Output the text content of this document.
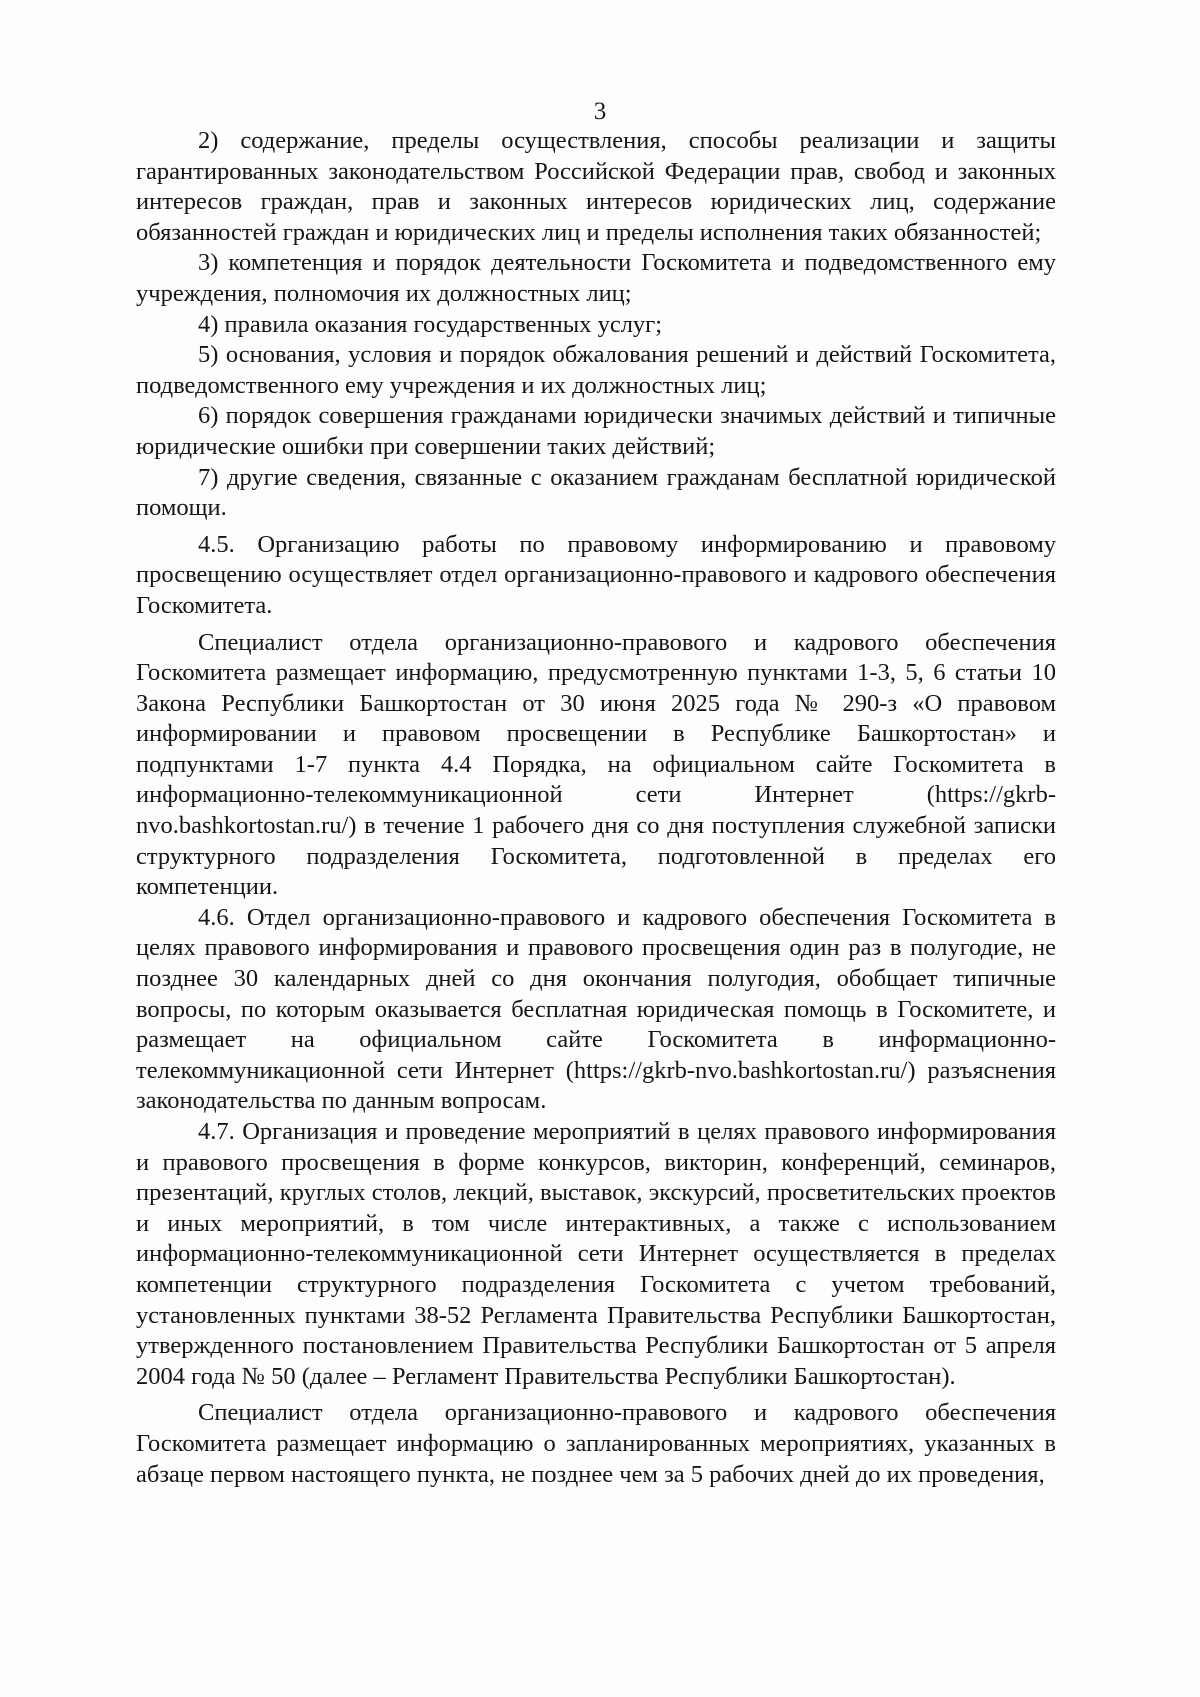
3

2) содержание, пределы осуществления, способы реализации и защиты гарантированных законодательством Российской Федерации прав, свобод и законных интересов граждан, прав и законных интересов юридических лиц, содержание обязанностей граждан и юридических лиц и пределы исполнения таких обязанностей;

3) компетенция и порядок деятельности Госкомитета и подведомственного ему учреждения, полномочия их должностных лиц;

4) правила оказания государственных услуг;

5) основания, условия и порядок обжалования решений и действий Госкомитета, подведомственного ему учреждения и их должностных лиц;

6) порядок совершения гражданами юридически значимых действий и типичные юридические ошибки при совершении таких действий;

7) другие сведения, связанные с оказанием гражданам бесплатной юридической помощи.

4.5. Организацию работы по правовому информированию и правовому просвещению осуществляет отдел организационно-правового и кадрового обеспечения Госкомитета.

Специалист отдела организационно-правового и кадрового обеспечения Госкомитета размещает информацию, предусмотренную пунктами 1-3, 5, 6 статьи 10 Закона Республики Башкортостан от 30 июня 2025 года № 290-з «О правовом информировании и правовом просвещении в Республике Башкортостан» и подпунктами 1-7 пункта 4.4 Порядка, на официальном сайте Госкомитета в информационно-телекоммуникационной сети Интернет (https://gkrb-nvo.bashkortostan.ru/) в течение 1 рабочего дня со дня поступления служебной записки структурного подразделения Госкомитета, подготовленной в пределах его компетенции.

4.6. Отдел организационно-правового и кадрового обеспечения Госкомитета в целях правового информирования и правового просвещения один раз в полугодие, не позднее 30 календарных дней со дня окончания полугодия, обобщает типичные вопросы, по которым оказывается бесплатная юридическая помощь в Госкомитете, и размещает на официальном сайте Госкомитета в информационно-телекоммуникационной сети Интернет (https://gkrb-nvo.bashkortostan.ru/) разъяснения законодательства по данным вопросам.

4.7. Организация и проведение мероприятий в целях правового информирования и правового просвещения в форме конкурсов, викторин, конференций, семинаров, презентаций, круглых столов, лекций, выставок, экскурсий, просветительских проектов и иных мероприятий, в том числе интерактивных, а также с использованием информационно-телекоммуникационной сети Интернет осуществляется в пределах компетенции структурного подразделения Госкомитета с учетом требований, установленных пунктами 38-52 Регламента Правительства Республики Башкортостан, утвержденного постановлением Правительства Республики Башкортостан от 5 апреля 2004 года № 50 (далее – Регламент Правительства Республики Башкортостан).

Специалист отдела организационно-правового и кадрового обеспечения Госкомитета размещает информацию о запланированных мероприятиях, указанных в абзаце первом настоящего пункта, не позднее чем за 5 рабочих дней до их проведения,
